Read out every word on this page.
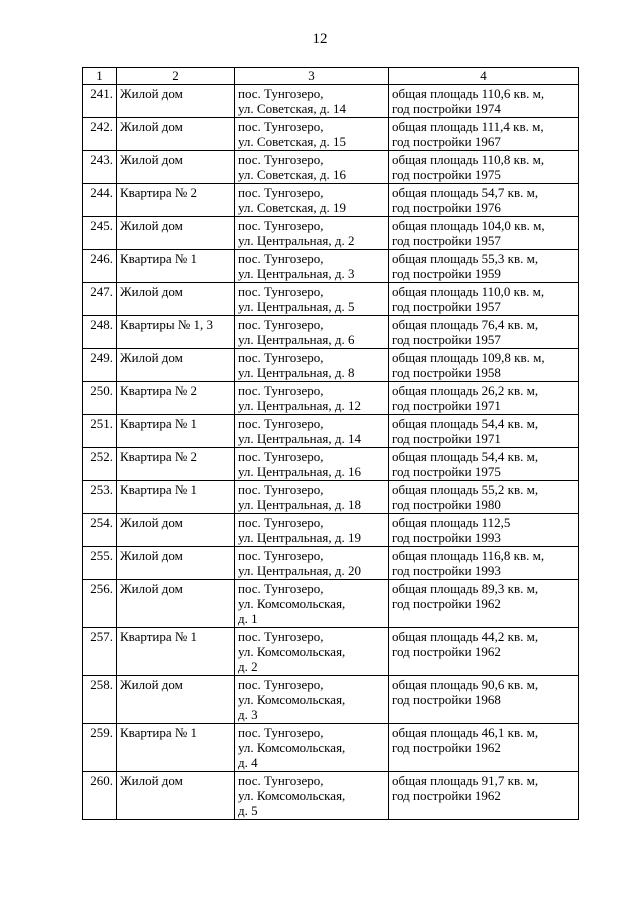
12
1	2	3	4
241.	Жилой дом	пос. Тунгозеро,
ул. Советская, д. 14	общая площадь 110,6 кв. м,
год постройки 1974

242.	Жилой дом	пос. Тунгозеро,
ул. Советская, д. 15	общая площадь 111,4 кв. м,
год постройки 1967

243.	Жилой дом	пос. Тунгозеро,
ул. Советская, д. 16	общая площадь 110,8 кв. м,
год постройки 1975

244.	Квартира № 2	пос. Тунгозеро,
ул. Советская, д. 19	общая площадь 54,7 кв. м,
год постройки 1976

245.	Жилой дом	пос. Тунгозеро,
ул. Центральная, д. 2	общая площадь 104,0 кв. м,
год постройки 1957

246.	Квартира № 1	пос. Тунгозеро,
ул. Центральная, д. 3	общая площадь 55,3 кв. м,
год постройки 1959

247.	Жилой дом	пос. Тунгозеро,
ул. Центральная, д. 5	общая площадь 110,0 кв. м,
год постройки 1957

248.	Квартиры № 1, 3	пос. Тунгозеро,
ул. Центральная, д. 6	общая площадь 76,4 кв. м,
год постройки 1957

249.	Жилой дом	пос. Тунгозеро,
ул. Центральная, д. 8	общая площадь 109,8 кв. м,
год постройки 1958

250.	Квартира № 2	пос. Тунгозеро,
ул. Центральная, д. 12	общая площадь 26,2 кв. м,
год постройки 1971

251.	Квартира № 1	пос. Тунгозеро,
ул. Центральная, д. 14	общая площадь 54,4 кв. м,
год постройки 1971

252.	Квартира № 2	пос. Тунгозеро,
ул. Центральная, д. 16	общая площадь 54,4 кв. м,
год постройки 1975

253.	Квартира № 1	пос. Тунгозеро,
ул. Центральная, д. 18	общая площадь 55,2 кв. м,
год постройки 1980

254.	Жилой дом	пос. Тунгозеро,
ул. Центральная, д. 19	общая площадь 112,5
год постройки 1993

255.	Жилой дом	пос. Тунгозеро,
ул. Центральная, д. 20	общая площадь 116,8 кв. м,
год постройки 1993

256.	Жилой дом	пос. Тунгозеро,
ул. Комсомольская,
д. 1	общая площадь 89,3 кв. м,
год постройки 1962

257.	Квартира № 1	пос. Тунгозеро,
ул. Комсомольская,
д. 2	общая площадь 44,2 кв. м,
год постройки 1962

258.	Жилой дом	пос. Тунгозеро,
ул. Комсомольская,
д. 3	общая площадь 90,6 кв. м,
год постройки 1968

259.	Квартира № 1	пос. Тунгозеро,
ул. Комсомольская,
д. 4	общая площадь 46,1 кв. м,
год постройки 1962

260.	Жилой дом	пос. Тунгозеро,
ул. Комсомольская,
д. 5	общая площадь 91,7 кв. м,
год постройки 1962
